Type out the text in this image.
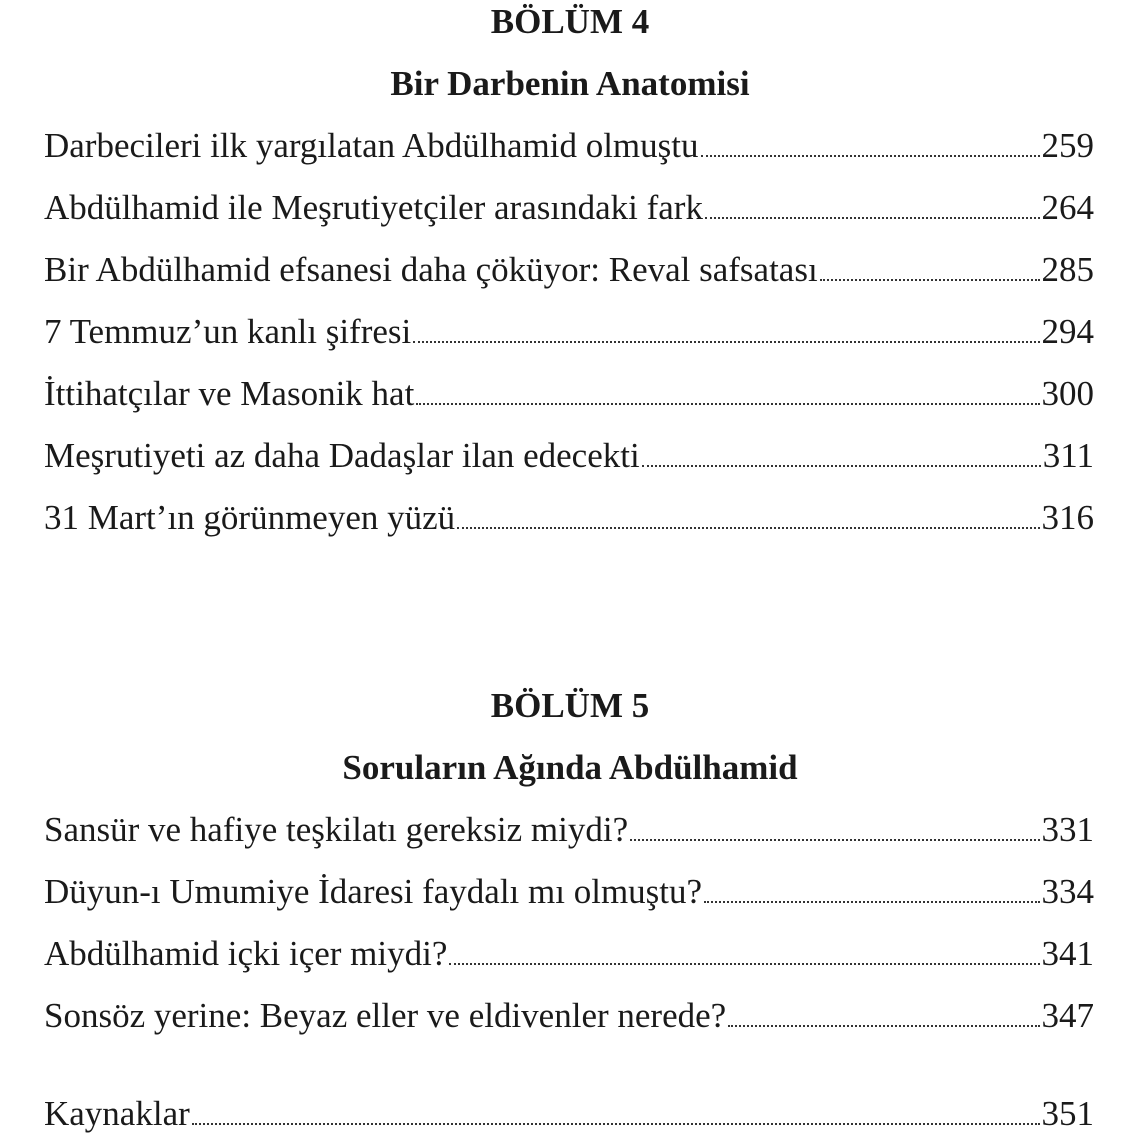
BÖLÜM 4
Bir Darbenin Anatomisi
Darbecileri ilk yargılatan Abdülhamid olmuştu	259
Abdülhamid ile Meşrutiyetçiler arasındaki fark	264
Bir Abdülhamid efsanesi daha çöküyor: Reval safsatası	285
7 Temmuz’un kanlı şifresi	294
İttihatçılar ve Masonik hat	300
Meşrutiyeti az daha Dadaşlar ilan edecekti	311
31 Mart’ın görünmeyen yüzü	316
BÖLÜM 5
Soruların Ağında Abdülhamid
Sansür ve hafiye teşkilatı gereksiz miydi?	331
Düyun-ı Umumiye İdaresi faydalı mı olmuştu?	334
Abdülhamid içki içer miydi?	341
Sonsöz yerine: Beyaz eller ve eldivenler nerede?	347
Kaynaklar	351
